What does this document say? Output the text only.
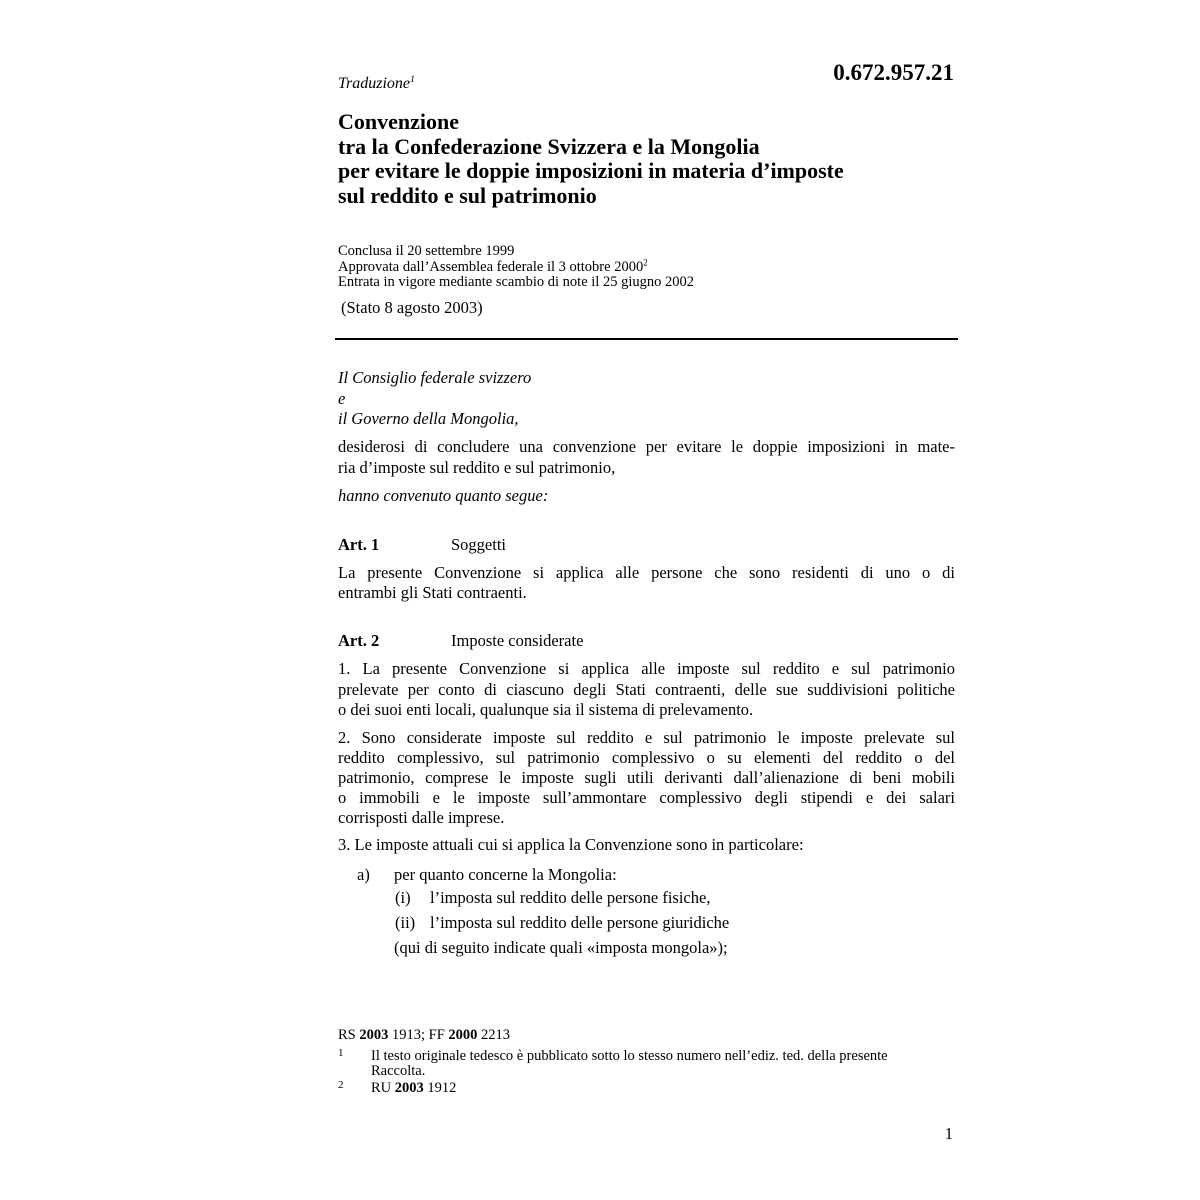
0.672.957.21
Traduzione$^1$
Convenzione
tra la Confederazione Svizzera e la Mongolia
per evitare le doppie imposizioni in materia d’imposte
sul reddito e sul patrimonio
Conclusa il 20 settembre 1999
Approvata dall’Assemblea federale il 3 ottobre 2000$^2$
Entrata in vigore mediante scambio di note il 25 giugno 2002
(Stato 8 agosto 2003)
Il Consiglio federale svizzero
e
il Governo della Mongolia,
desiderosi di concludere una convenzione per evitare le doppie imposizioni in mate-
ria d’imposte sul reddito e sul patrimonio,
hanno convenuto quanto segue:
Art. 1	Soggetti
La presente Convenzione si applica alle persone che sono residenti di uno o di
entrambi gli Stati contraenti.
Art. 2	Imposte considerate
1. La presente Convenzione si applica alle imposte sul reddito e sul patrimonio
prelevate per conto di ciascuno degli Stati contraenti, delle sue suddivisioni politiche
o dei suoi enti locali, qualunque sia il sistema di prelevamento.
2. Sono considerate imposte sul reddito e sul patrimonio le imposte prelevate sul
reddito complessivo, sul patrimonio complessivo o su elementi del reddito o del
patrimonio, comprese le imposte sugli utili derivanti dall’alienazione di beni mobili
o immobili e le imposte sull’ammontare complessivo degli stipendi e dei salari
corrisposti dalle imprese.
3. Le imposte attuali cui si applica la Convenzione sono in particolare:
a) per quanto concerne la Mongolia:
(i) l’imposta sul reddito delle persone fisiche,
(ii) l’imposta sul reddito delle persone giuridiche
(qui di seguito indicate quali «imposta mongola»);
RS 2003 1913; FF 2000 2213
1 Il testo originale tedesco è pubblicato sotto lo stesso numero nell’ediz. ted. della presente
Raccolta.
2 RU 2003 1912
1
